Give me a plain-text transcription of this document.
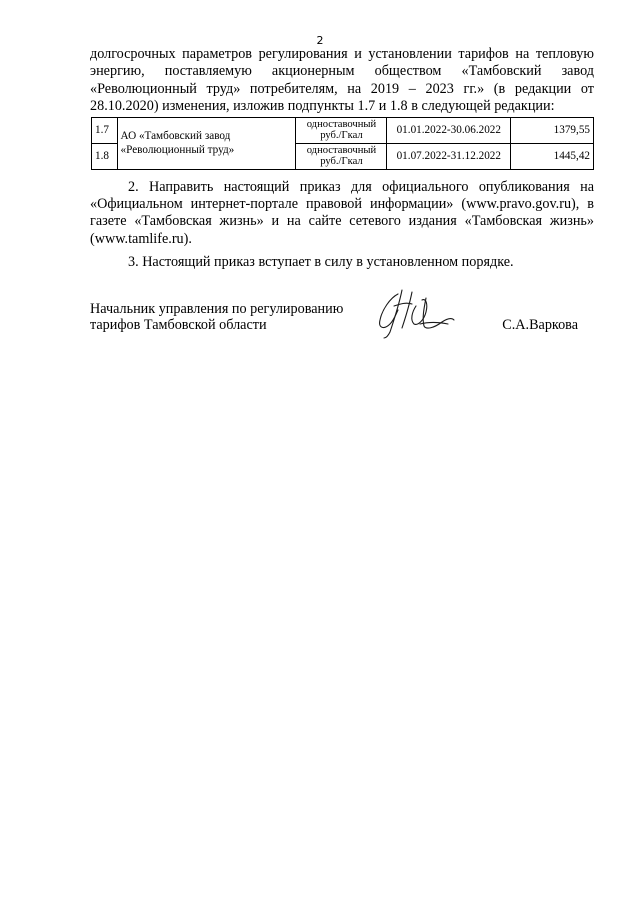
2

долгосрочных параметров регулирования и установлении тарифов на тепловую энергию, поставляемую акционерным обществом «Тамбовский завод «Революционный труд» потребителям, на 2019 – 2023 гг.» (в редакции от 28.10.2020) изменения, изложив подпункты 1.7 и 1.8 в следующей редакции:

1.7	АО «Тамбовский завод «Революционный труд»	одноставочный руб./Гкал	01.01.2022-30.06.2022	1379,55
1.8		одноставочный руб./Гкал	01.07.2022-31.12.2022	1445,42

2. Направить настоящий приказ для официального опубликования на «Официальном интернет-портале правовой информации» (www.pravo.gov.ru), в газете «Тамбовская жизнь» и на сайте сетевого издания «Тамбовская жизнь» (www.tamlife.ru).

3. Настоящий приказ вступает в силу в установленном порядке.

Начальник управления по регулированию
тарифов Тамбовской области	С.А.Варкова
